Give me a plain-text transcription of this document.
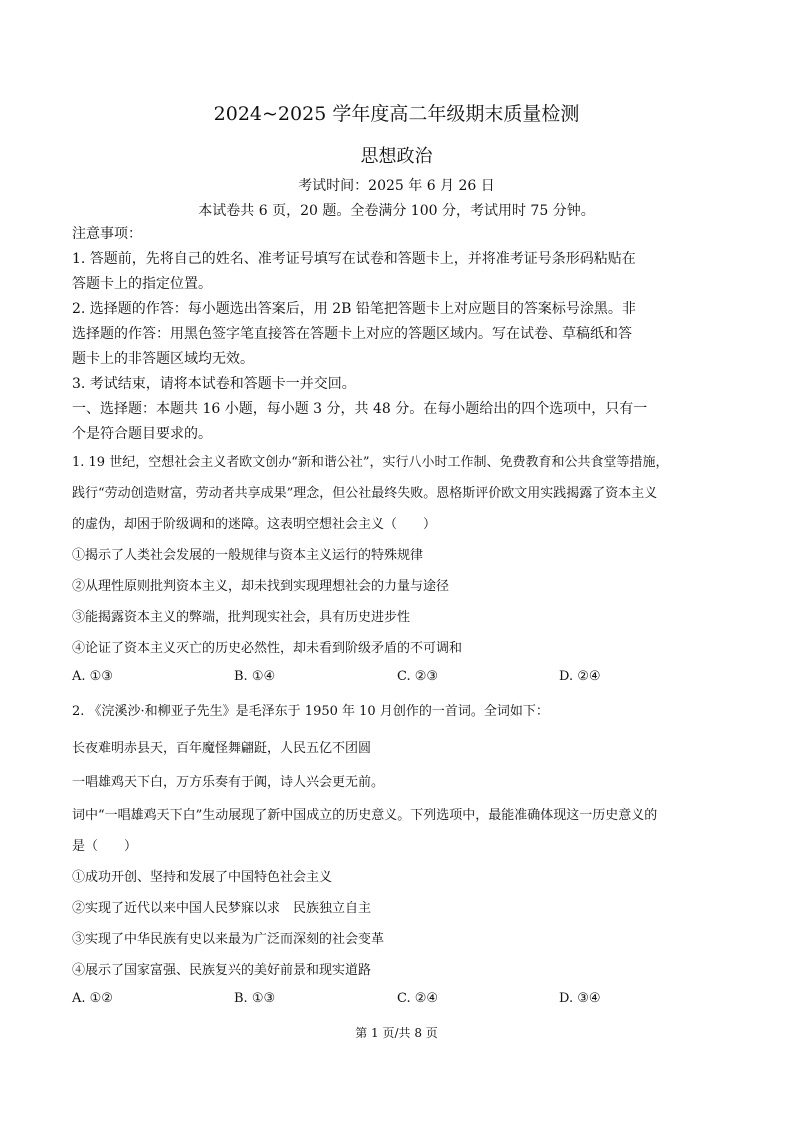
2024~2025 学年度高二年级期末质量检测
思想政治
考试时间：2025 年 6 月 26 日
本试卷共 6 页，20 题。全卷满分 100 分，考试用时 75 分钟。
注意事项：
1. 答题前，先将自己的姓名、准考证号填写在试卷和答题卡上，并将准考证号条形码粘贴在
答题卡上的指定位置。
2. 选择题的作答：每小题选出答案后，用 2B 铅笔把答题卡上对应题目的答案标号涂黑。非
选择题的作答：用黑色签字笔直接答在答题卡上对应的答题区域内。写在试卷、草稿纸和答
题卡上的非答题区域均无效。
3. 考试结束，请将本试卷和答题卡一并交回。
一、选择题：本题共 16 小题，每小题 3 分，共 48 分。在每小题给出的四个选项中，只有一
个是符合题目要求的。
1. 19 世纪，空想社会主义者欧文创办“新和谐公社”，实行八小时工作制、免费教育和公共食堂等措施，
践行“劳动创造财富，劳动者共享成果”理念，但公社最终失败。恩格斯评价欧文用实践揭露了资本主义
的虚伪，却困于阶级调和的迷障。这表明空想社会主义（　　）
①揭示了人类社会发展的一般规律与资本主义运行的特殊规律
②从理性原则批判资本主义，却未找到实现理想社会的力量与途径
③能揭露资本主义的弊端，批判现实社会，具有历史进步性
④论证了资本主义灭亡的历史必然性，却未看到阶级矛盾的不可调和
A. ①③	B. ①④	C. ②③	D. ②④
2. 《浣溪沙·和柳亚子先生》是毛泽东于 1950 年 10 月创作的一首词。全词如下：
长夜难明赤县天，百年魔怪舞翩跹，人民五亿不团圆
一唱雄鸡天下白，万方乐奏有于阗，诗人兴会更无前。
词中“一唱雄鸡天下白”生动展现了新中国成立的历史意义。下列选项中，最能准确体现这一历史意义的
是（　　）
①成功开创、坚持和发展了中国特色社会主义
②实现了近代以来中国人民梦寐以求　民族独立自主
③实现了中华民族有史以来最为广泛而深刻的社会变革
④展示了国家富强、民族复兴的美好前景和现实道路
A. ①②	B. ①③	C. ②④	D. ③④
第 1 页/共 8 页
